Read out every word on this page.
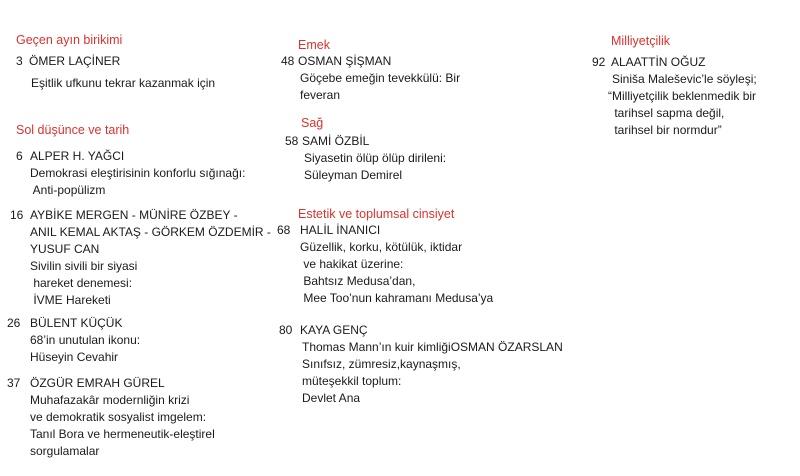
Geçen ayın birikimi
3 ÖMER LAÇİNER
Eşitlik ufkunu tekrar kazanmak için
Sol düşünce ve tarih
6 ALPER H. YAĞCI
Demokrasi eleştirisinin konforlu sığınağı:
Anti-popülizm
16 AYBİKE MERGEN - MÜNİRE ÖZBEY -
ANIL KEMAL AKTAŞ - GÖRKEM ÖZDEMİR -
YUSUF CAN
Sivilin sivili bir siyasi
hareket denemesi:
İVME Hareketi
26 BÜLENT KÜÇÜK
68’in unutulan ikonu:
Hüseyin Cevahir
37 ÖZGÜR EMRAH GÜREL
Muhafazakâr modernliğin krizi
ve demokratik sosyalist imgelem:
Tanıl Bora ve hermeneutik-eleştirel
sorgulamalar
Emek
48 OSMAN ŞİŞMAN
Göçebe emeğin tevekkülü: Bir
feveran
Sağ
58 SAMİ ÖZBİL
Siyasetin ölüp ölüp dirileni:
Süleyman Demirel
Estetik ve toplumsal cinsiyet
68 HALİL İNANICI
Güzellik, korku, kötülük, iktidar
ve hakikat üzerine:
Bahtsız Medusa’dan,
Mee Too’nun kahramanı Medusa’ya
80 KAYA GENÇ
Thomas Mann’ın kuir kimliğiOSMAN ÖZARSLAN
Sınıfsız, zümresiz,kaynaşmış,
müteşekkil toplum:
Devlet Ana
Milliyetçilik
92 ALAATTİN OĞUZ
Siniša Maleševic’le söyleşi;
“Milliyetçilik beklenmedik bir
tarihsel sapma değil,
tarihsel bir normdur”
